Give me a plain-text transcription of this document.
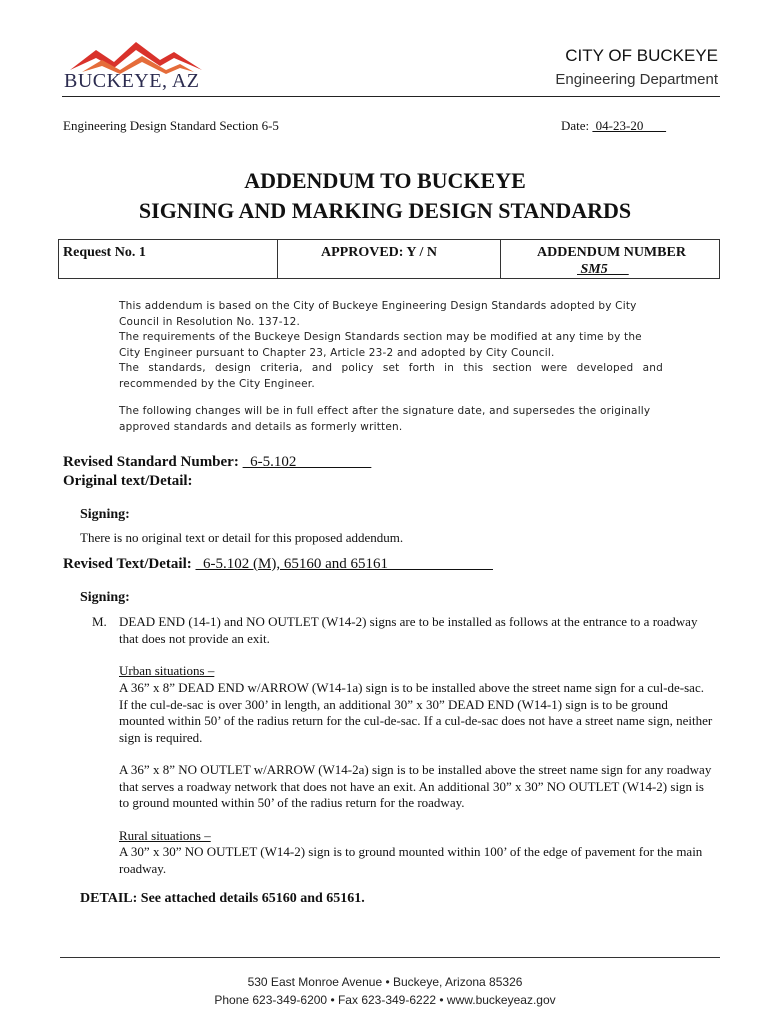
BUCKEYE, AZ
CITY OF BUCKEYE
Engineering Department
Engineering Design Standard Section 6-5	Date:  04-23-20
ADDENDUM TO BUCKEYE
SIGNING AND MARKING DESIGN STANDARDS
Request No. 1	APPROVED: Y / N	ADDENDUM NUMBER
SM5

This addendum is based on the City of Buckeye Engineering Design Standards adopted by City Council in Resolution No. 137-12.

The requirements of the Buckeye Design Standards section may be modified at any time by the City Engineer pursuant to Chapter 23, Article 23-2 and adopted by City Council.

The standards, design criteria, and policy set forth in this section were developed and recommended by the City Engineer.

The following changes will be in full effect after the signature date, and supersedes the originally approved standards and details as formerly written.
Revised Standard Number:   6-5.102
Original text/Detail:
Signing:
There is no original text or detail for this proposed addendum.
Revised Text/Detail:   6-5.102 (M), 65160 and 65161
Signing:
M. DEAD END (14-1) and NO OUTLET (W14-2) signs are to be installed as follows at the entrance to a roadway that does not provide an exit.
Urban situations –
A 36” x 8” DEAD END w/ARROW (W14-1a) sign is to be installed above the street name sign for a cul-de-sac. If the cul-de-sac is over 300’ in length, an additional 30” x 30” DEAD END (W14-1) sign is to be ground mounted within 50’ of the radius return for the cul-de-sac. If a cul-de-sac does not have a street name sign, neither sign is required.
A 36” x 8” NO OUTLET w/ARROW (W14-2a) sign is to be installed above the street name sign for any roadway that serves a roadway network that does not have an exit. An additional 30” x 30” NO OUTLET (W14-2) sign is to ground mounted within 50’ of the radius return for the roadway.
Rural situations –
A 30” x 30” NO OUTLET (W14-2) sign is to ground mounted within 100’ of the edge of pavement for the main roadway.
DETAIL: See attached details 65160 and 65161.
530 East Monroe Avenue • Buckeye, Arizona 85326
Phone 623-349-6200 • Fax 623-349-6222 • www.buckeyeaz.gov
